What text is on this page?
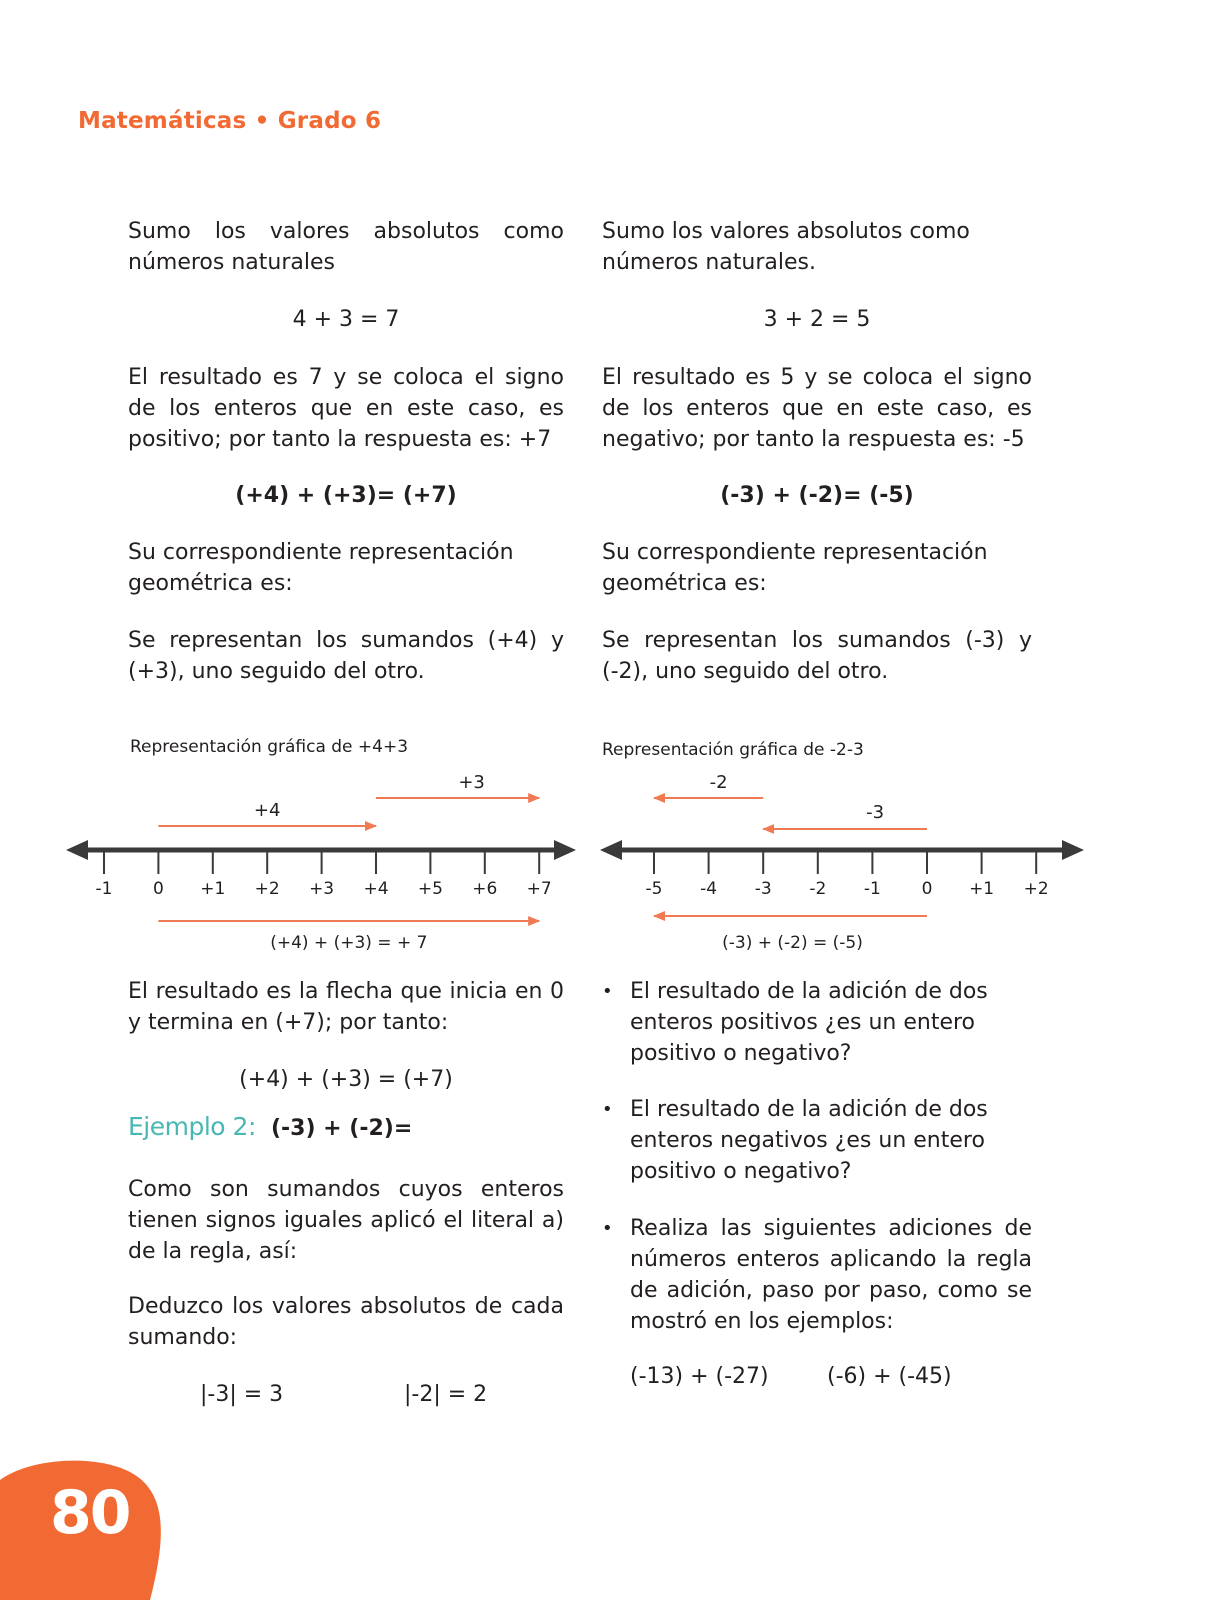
Matemáticas • Grado 6
Sumo los valores absolutos como números naturales
4 + 3 = 7
El resultado es 7 y se coloca el signo de los enteros que en este caso, es positivo; por tanto la respuesta es: +7
(+4) + (+3)= (+7)
Su correspondiente representación geométrica es:
Se representan los sumandos (+4) y (+3), uno seguido del otro.
Representación gráfica de +4+3
-1 0 +1 +2 +3 +4 +5 +6 +7
+4
+3
(+4) + (+3) = + 7
El resultado es la flecha que inicia en 0 y termina en (+7); por tanto:
(+4) + (+3) = (+7)
Ejemplo 2: (-3) + (-2)=
Como son sumandos cuyos enteros tienen signos iguales aplicó el literal a) de la regla, así:
Deduzco los valores absolutos de cada sumando:
|-3| = 3	|-2| = 2
Sumo los valores absolutos como números naturales.
3 + 2 = 5
El resultado es 5 y se coloca el signo de los enteros que en este caso, es negativo; por tanto la respuesta es: -5
(-3) + (-2)= (-5)
Su correspondiente representación geométrica es:
Se representan los sumandos (-3) y (-2), uno seguido del otro.
Representación gráfica de -2-3
-5 -4 -3 -2 -1 0 +1 +2
-2
-3
(-3) + (-2) = (-5)
• El resultado de la adición de dos enteros positivos ¿es un entero positivo o negativo?
• El resultado de la adición de dos enteros negativos ¿es un entero positivo o negativo?
• Realiza las siguientes adiciones de números enteros aplicando la regla de adición, paso por paso, como se mostró en los ejemplos:
(-13) + (-27)	(-6) + (-45)
80
